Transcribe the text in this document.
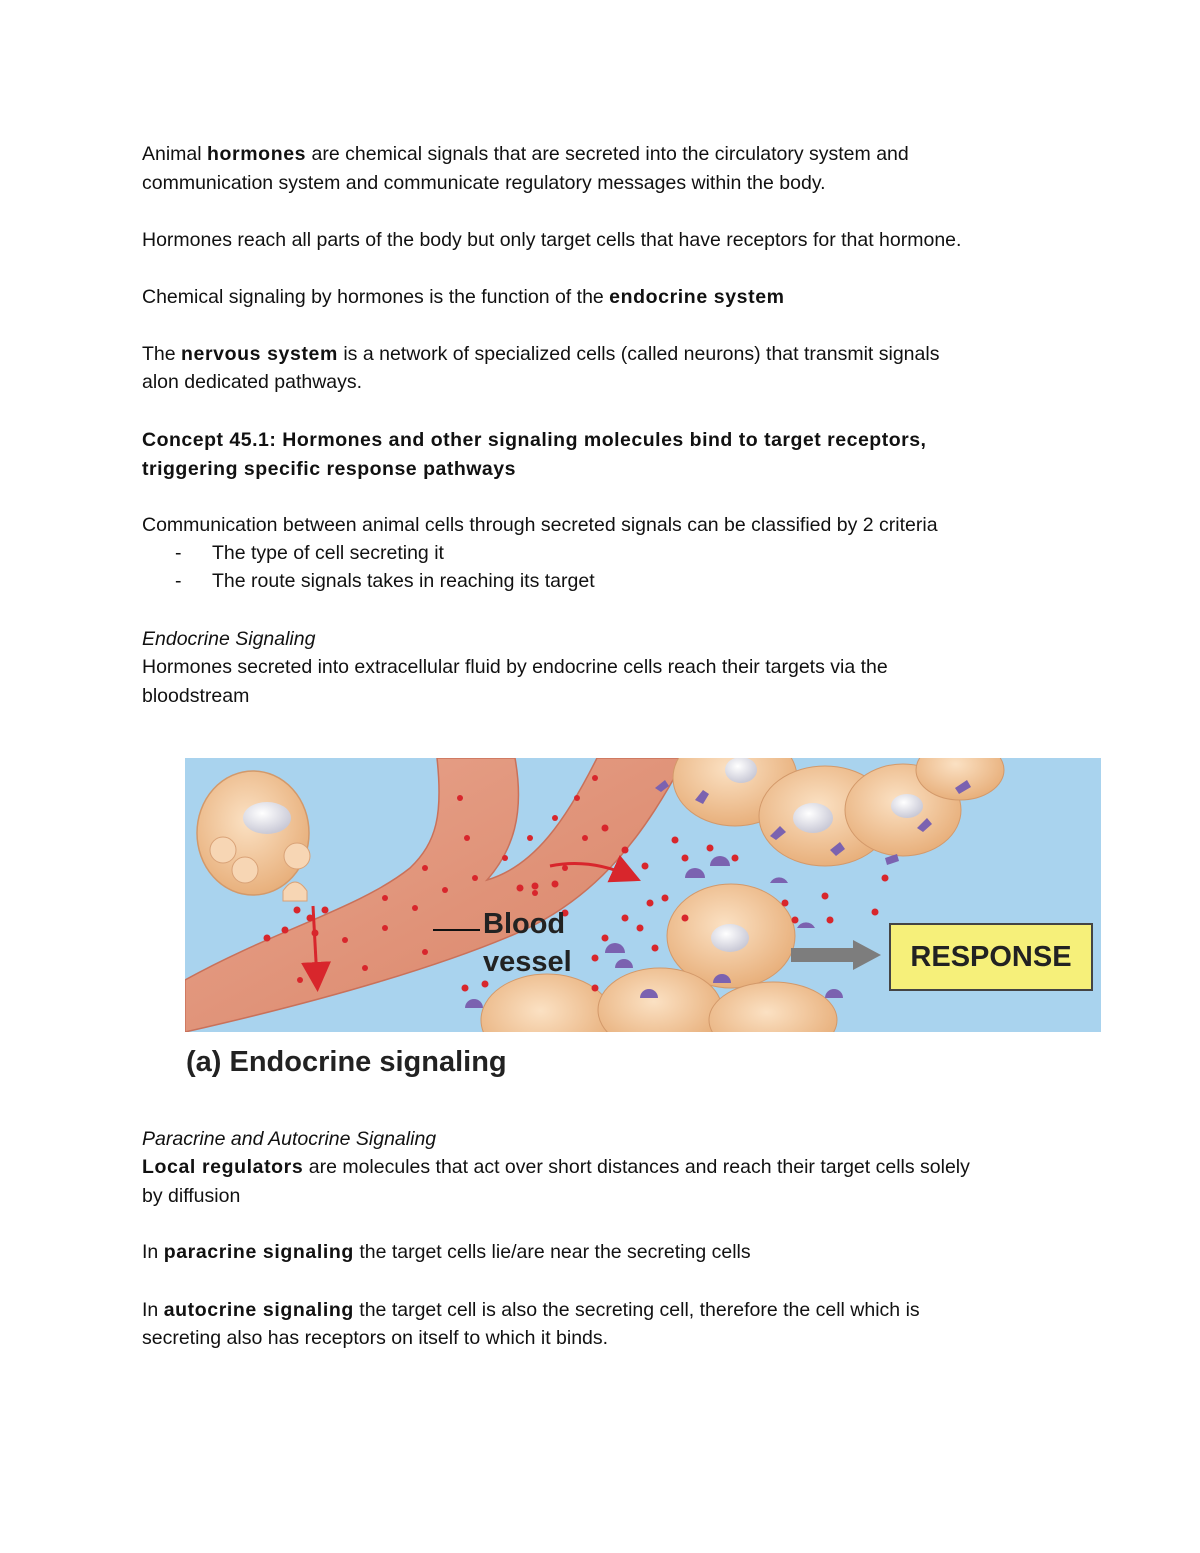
Animal hormones are chemical signals that are secreted into the circulatory system and

communication system and communicate regulatory messages within the body.

Hormones reach all parts of the body but only target cells that have receptors for that hormone.

Chemical signaling by hormones is the function of the endocrine system

The nervous system is a network of specialized cells (called neurons) that transmit signals

alon dedicated pathways.

Concept 45.1: Hormones and other signaling molecules bind to target receptors,

triggering specific response pathways

Communication between animal cells through secreted signals can be classified by 2 criteria

- The type of cell secreting it
- The route signals takes in reaching its target

Endocrine Signaling

Hormones secreted into extracellular fluid by endocrine cells reach their targets via the

bloodstream

Blood
vessel	RESPONSE
(a) Endocrine signaling

Paracrine and Autocrine Signaling

Local regulators are molecules that act over short distances and reach their target cells solely

by diffusion

In paracrine signaling the target cells lie/are near the secreting cells

In autocrine signaling the target cell is also the secreting cell, therefore the cell which is

secreting also has receptors on itself to which it binds.
